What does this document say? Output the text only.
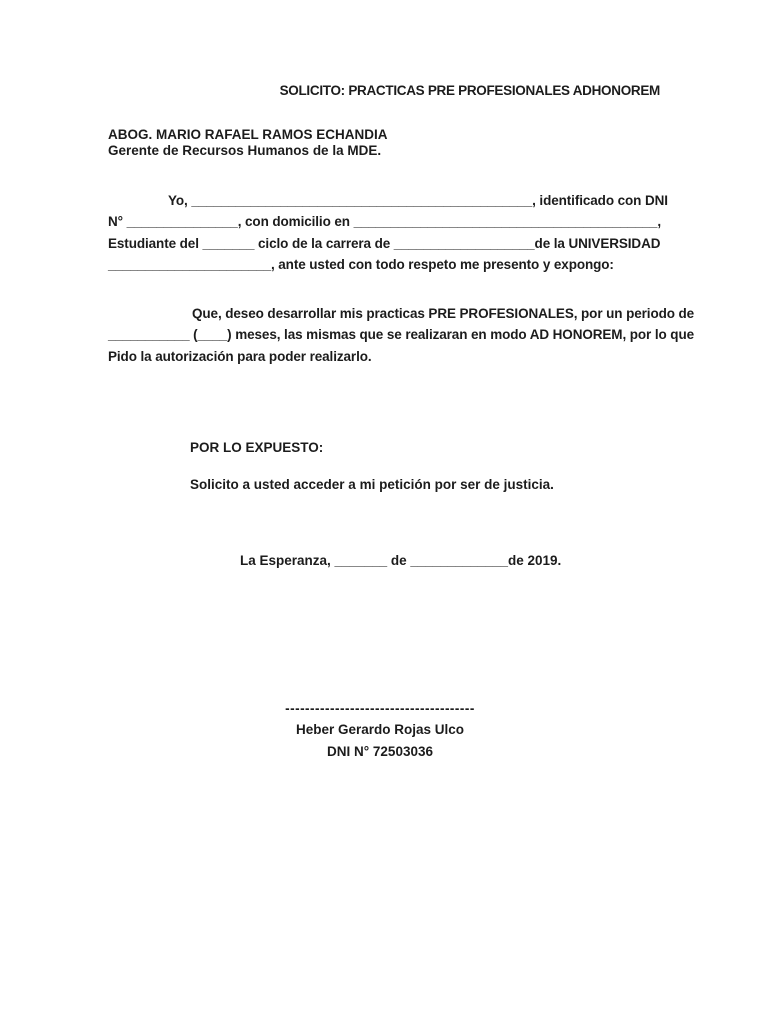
SOLICITO: PRACTICAS PRE PROFESIONALES ADHONOREM
ABOG. MARIO RAFAEL RAMOS ECHANDIA
Gerente de Recursos Humanos de la MDE.
Yo, ______________________________________________, identificado con DNI
N° _______________, con domicilio en _________________________________________,
Estudiante del _______ ciclo de la carrera de ___________________de la UNIVERSIDAD
______________________, ante usted con todo respeto me presento y expongo:
Que, deseo desarrollar mis practicas PRE PROFESIONALES, por un periodo de
___________ (____) meses, las mismas que se realizaran en modo AD HONOREM, por lo que
Pido la autorización para poder realizarlo.
POR LO EXPUESTO:
Solicito a usted acceder a mi petición por ser de justicia.
La Esperanza, _______ de _____________de 2019.
--------------------------------------
Heber Gerardo Rojas Ulco
DNI N° 72503036
